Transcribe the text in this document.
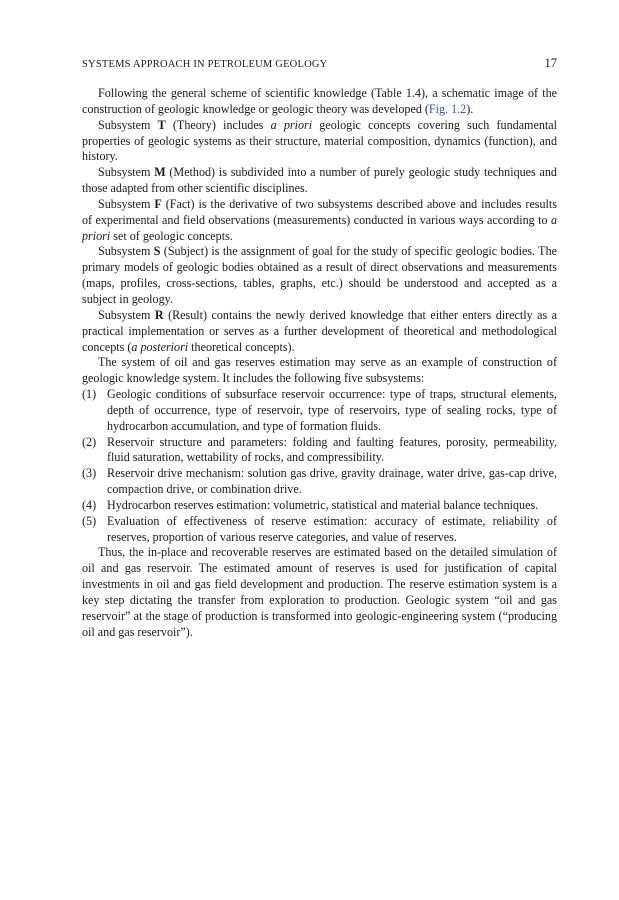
SYSTEMS APPROACH IN PETROLEUM GEOLOGY	17

Following the general scheme of scientific knowledge (Table 1.4), a schematic image of the construction of geologic knowledge or geologic theory was developed (Fig. 1.2).

Subsystem T (Theory) includes a priori geologic concepts covering such fundamental properties of geologic systems as their structure, material composition, dynamics (function), and history.

Subsystem M (Method) is subdivided into a number of purely geologic study techniques and those adapted from other scientific disciplines.

Subsystem F (Fact) is the derivative of two subsystems described above and includes results of experimental and field observations (measurements) conducted in various ways according to a priori set of geologic concepts.

Subsystem S (Subject) is the assignment of goal for the study of specific geologic bodies. The primary models of geologic bodies obtained as a result of direct observations and measurements (maps, profiles, cross-sections, tables, graphs, etc.) should be understood and accepted as a subject in geology.

Subsystem R (Result) contains the newly derived knowledge that either enters directly as a practical implementation or serves as a further development of theoretical and methodological concepts (a posteriori theoretical concepts).

The system of oil and gas reserves estimation may serve as an example of construction of geologic knowledge system. It includes the following five subsystems:

(1) Geologic conditions of subsurface reservoir occurrence: type of traps, structural elements, depth of occurrence, type of reservoir, type of reservoirs, type of sealing rocks, type of hydrocarbon accumulation, and type of formation fluids.
(2) Reservoir structure and parameters: folding and faulting features, porosity, permeability, fluid saturation, wettability of rocks, and compressibility.
(3) Reservoir drive mechanism: solution gas drive, gravity drainage, water drive, gas-cap drive, compaction drive, or combination drive.
(4) Hydrocarbon reserves estimation: volumetric, statistical and material balance techniques.
(5) Evaluation of effectiveness of reserve estimation: accuracy of estimate, reliability of reserves, proportion of various reserve categories, and value of reserves.

Thus, the in-place and recoverable reserves are estimated based on the detailed simulation of oil and gas reservoir. The estimated amount of reserves is used for justification of capital investments in oil and gas field development and production. The reserve estimation system is a key step dictating the transfer from exploration to production. Geologic system “oil and gas reservoir” at the stage of production is transformed into geologic-engineering system (“producing oil and gas reservoir”).
